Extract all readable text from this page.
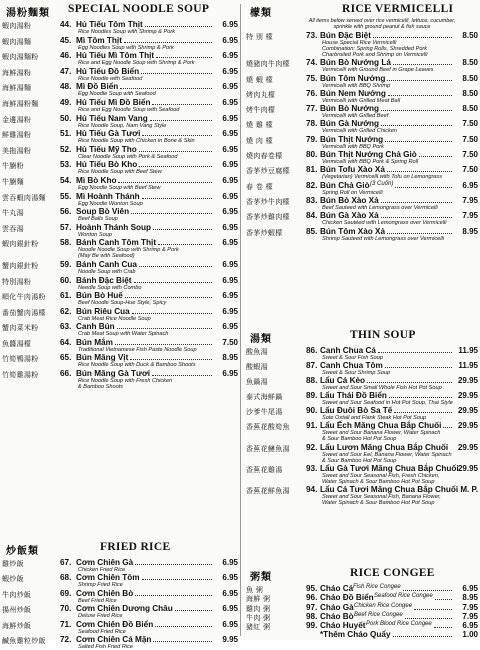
湯粉麵類 SPECIAL NOODLE SOUP
蝦肉湯粉	44. Hủ Tiếu Tôm Thịt	6.95
Rice Noodles Soup with Shrimp & Pork
蝦肉湯麵	45. Mì Tôm Thịt	6.95
Egg Noodles Soup with Shrimp & Pork
蝦肉湯麵粉	46. Hủ Tiếu Mì Tôm Thịt	6.95
Rice and Egg Noodle Soup with Shrimp & Pork
海鮮湯粉	47. Hủ Tiếu Đồ Biển	6.95
Rice Noodle with Seafood
海鮮湯麵	48. Mì Đồ Biển	6.95
Egg Noodle Soup with Seafood
海鮮湯粉麵	49. Hủ Tiếu Mì Đồ Biển	6.95
Rice and Egg Noodle Soup with Seafood
金邊湯粉	50. Hủ Tiếu Nam Vang	6.95
Rice Noodle Soup, Nam Vang Style
鮮雞湯粉	51. Hủ Tiếu Gà Tươi	6.95
Rice Noodle Soup with Chicken in Bone & Skin
美拖湯粉	52. Hủ Tiếu Mỹ Tho	6.95
Clear Noodle Soup with Pork & Seafood
牛腩粉	53. Hủ Tiếu Bò Kho	6.95
Rice Noodle Soup with Beef Stew
牛腩麵	54. Mì Bò Kho	6.95
Egg Noodle Soup with Beef Stew
雲吞蝦肉湯麵	55. Mì Hoành Thánh	6.95
Egg Noodle Wonton Soup
牛丸湯	56. Soup Bò Viên	6.95
Beef Balls Soup
雲吞湯	57. Hoành Thánh Soup	6.95
Wonton Soup
蝦肉銀針粉	58. Bánh Canh Tôm Thịt	6.95
Noodle Noodle Soup with Shrimp & Pork
(May Be with Seafood)
蟹肉銀針粉	59. Bánh Canh Cua	6.95
Noodle Soup with Crab
特別湯粉	60. Bánh Đặc Biệt	6.95
Needle Soup with Combo
順化牛肉湯粉	61. Bún Bò Huế	6.95
Beef Noodle Soup-Hue Style, Spicy
番茄蟹肉湯檬	62. Bún Riêu Cua	6.95
Crab Meat Rice Noodle Soup
蟹肉菜米粉	63. Canh Bún	6.95
Crab Meat Soup with Water Spinach
魚醬湯檬	64. Bún Mắm	7.50
Traditional Vietnamese Fish Paste Noodle Soup
竹筍鴨湯粉	65. Bún Măng Vịt	8.95
Rice Noodle Soup with Duck & Bamboo Shoots
竹筍雞湯粉	66. Bún Măng Gà Tươi	6.95
Rice Noodle Soup with Fresh Chicken
& Bamboo Shoots
炒飯類	FRIED RICE
雞炒飯	67. Cơm Chiên Gà	6.95
Chicken Fried Rice
蝦炒飯	68. Cơm Chiên Tôm	6.95
Shrimp Fried Rice
牛肉炒飯	69. Cơm Chiên Bò	6.95
Beef Fried Rice
揚州炒飯	70. Cơm Chiên Dương Châu	6.95
Deluxe Fried Rice
海鮮炒飯	71. Cơm Chiên Đồ Biển	6.95
Seafood Fried Rice
鹹魚雞粒炒飯	72. Cơm Chiên Cá Mặn	9.95
Salted Fish Fried Rice
檬類	RICE VERMICELLI
All items below served over rice vermicelli, lettuce, cucumber,
sprinkle with ground peanut & fish sauce
特 別 檬	73. Bún Đặc Biệt	8.50
House Special Rice Vermicelli
Combination: Spring Rolls, Shredded Pork
Charbroiled Pork and Shrimp on Vermicelli
燒豬肉牛肉檬	74. Bún Bò Nướng Lá	8.50
Vermicelli with Ground Beef in Grape Leaves
燒 蝦 檬	75. Bún Tôm Nướng	8.50
Vermicelli with BBQ Shrimp
烤肉丸檬	76. Bún Nem Nướng	8.50
Vermicelli with Grilled Meat Ball
烤牛肉檬	77. Bún Bò Nướng	8.50
Vermicelli with Grilled Beef
燒 雞 檬	78. Bún Gà Nướng	7.50
Vermicelli with Grilled Chicken
燒 肉 檬	79. Bún Thịt Nướng	7.50
Vermicelli with BBQ Pork
燒肉春卷檬	80. Bún Thịt Nướng Chả Giò	7.50
Vermicelli with BBQ Pork & Spring Roll
香茅炒豆腐檬	81. Bún Tofu Xào Xả	7.50
(Vegetarian) Vermicelli with Tofu on Lemongrass
春 卷 檬	82. Bún Chả Giò (3 Cuốn)	6.95
Spring Roll on Vermicelli
香茅炒牛肉檬	83. Bún Bò Xào Xả	7.95
Beef Sauteed with Lemongrass over Vermicelli
香茅炒雞肉檬	84. Bún Gà Xào Xả	7.95
Chicken Sautéed with Lemongrass over Vermicelli
香茅炒蝦檬	85. Bún Tôm Xào Xả	8.95
Shrimp Sauteed with Lemongrass over Vermicelli
湯類	THIN SOUP
酸魚湯	86. Canh Chua Cá	11.95
Sweet & Sour Fish Soup
酸蝦湯	87. Canh Chua Tôm	11.95
Sweet & Sour Shrimp Soup
魚鍋湯	88. Lẩu Cá Kèo	29.95
Sweet and Sour Small Whole Fish Hot Pot Soup
泰式海鮮鍋	89. Lẩu Thái Đồ Biển	29.95
Sweet and Sour Seafood in Hot Pot Soup, Thai Style
沙爹牛尾湯	90. Lẩu Đuôi Bò Sa Tế	29.95
Sote Oxtail and Flank Steak Hot Pot Soup
香蕉花酸筍魚	91. Lẩu Ếch Măng Chua Bắp Chuối 29.95
Sweet and Sour Banana Flower, Water Spinach
& Sour Bamboo Hot Pot Soup
香蕉花鰱魚湯	92. Lẩu Lươn Măng Chua Bắp Chuối 29.95
Sweet and Sour Eel, Banana Flower, Water Spinach
& Sour Bamboo Hot Pot Soup
香蕉花雞湯	93. Lẩu Gà Tươi Măng Chua Bắp Chuối 29.95
Sweet and Sour Seasonal Fish, Fresh Chicken,
Water Spinach & Sour Bamboo Hot Pot Soup
香蕉花鮮魚湯	94. Lẩu Cá Tươi Măng Chua Bắp Chuối M. P.
Sweet and Sour Seasonal Fish, Banana Flower,
Water Spinach & Sour Bamboo Hot Pot Soup
粥類	RICE CONGEE
魚 粥	95. Cháo Cá Fish Rice Congee	6.95
海鮮 粥	96. Cháo Đồ Biển Seafood Rice Congee	8.95
雞肉 粥	97. Cháo Gà Chicken Rice Congee	7.95
牛肉 粥	98. Cháo Bò Beef Rice Congee	7.95
豬紅 粥	99. Cháo Huyết Pork Blood Rice Congee	6.95
*Thêm Cháo Quẩy	1.00
